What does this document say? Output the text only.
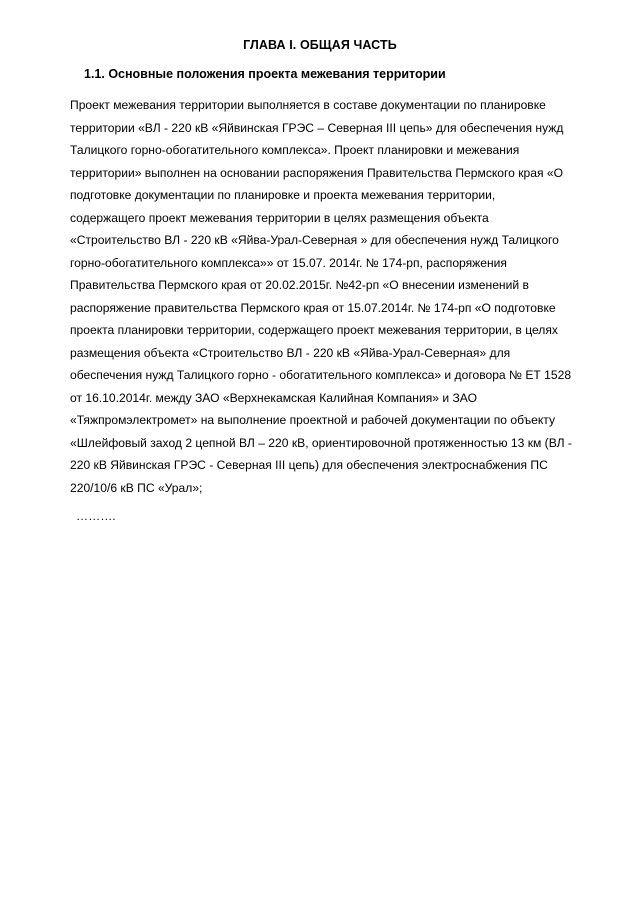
ГЛАВА I. ОБЩАЯ ЧАСТЬ
1.1. Основные положения проекта межевания территории

Проект межевания территории выполняется в составе документации по планировке
территории «ВЛ - 220 кВ «Яйвинская ГРЭС – Северная III цепь» для обеспечения нужд
Талицкого горно-обогатительного комплекса». Проект планировки и межевания
территории» выполнен на основании распоряжения Правительства Пермского края «О
подготовке документации по планировке и проекта межевания территории,
содержащего проект межевания территории в целях размещения объекта
«Строительство ВЛ - 220 кВ «Яйва-Урал-Северная » для обеспечения нужд Талицкого
горно-обогатительного комплекса»» от 15.07. 2014г. № 174-рп, распоряжения
Правительства Пермского края от 20.02.2015г. №42-рп «О внесении изменений в
распоряжение правительства Пермского края от 15.07.2014г. № 174-рп «О подготовке
проекта планировки территории, содержащего проект межевания территории, в целях
размещения объекта «Строительство ВЛ - 220 кВ «Яйва-Урал-Северная» для
обеспечения нужд Талицкого горно - обогатительного комплекса» и договора № ЕТ 1528
от 16.10.2014г. между ЗАО «Верхнекамская Калийная Компания» и ЗАО
«Тяжпромэлектромет» на выполнение проектной и рабочей документации по объекту
«Шлейфовый заход 2 цепной ВЛ – 220 кВ, ориентировочной протяженностью 13 км (ВЛ -
220 кВ Яйвинская ГРЭС - Северная III цепь) для обеспечения электроснабжения ПС
220/10/6 кВ ПС «Урал»;

……….
